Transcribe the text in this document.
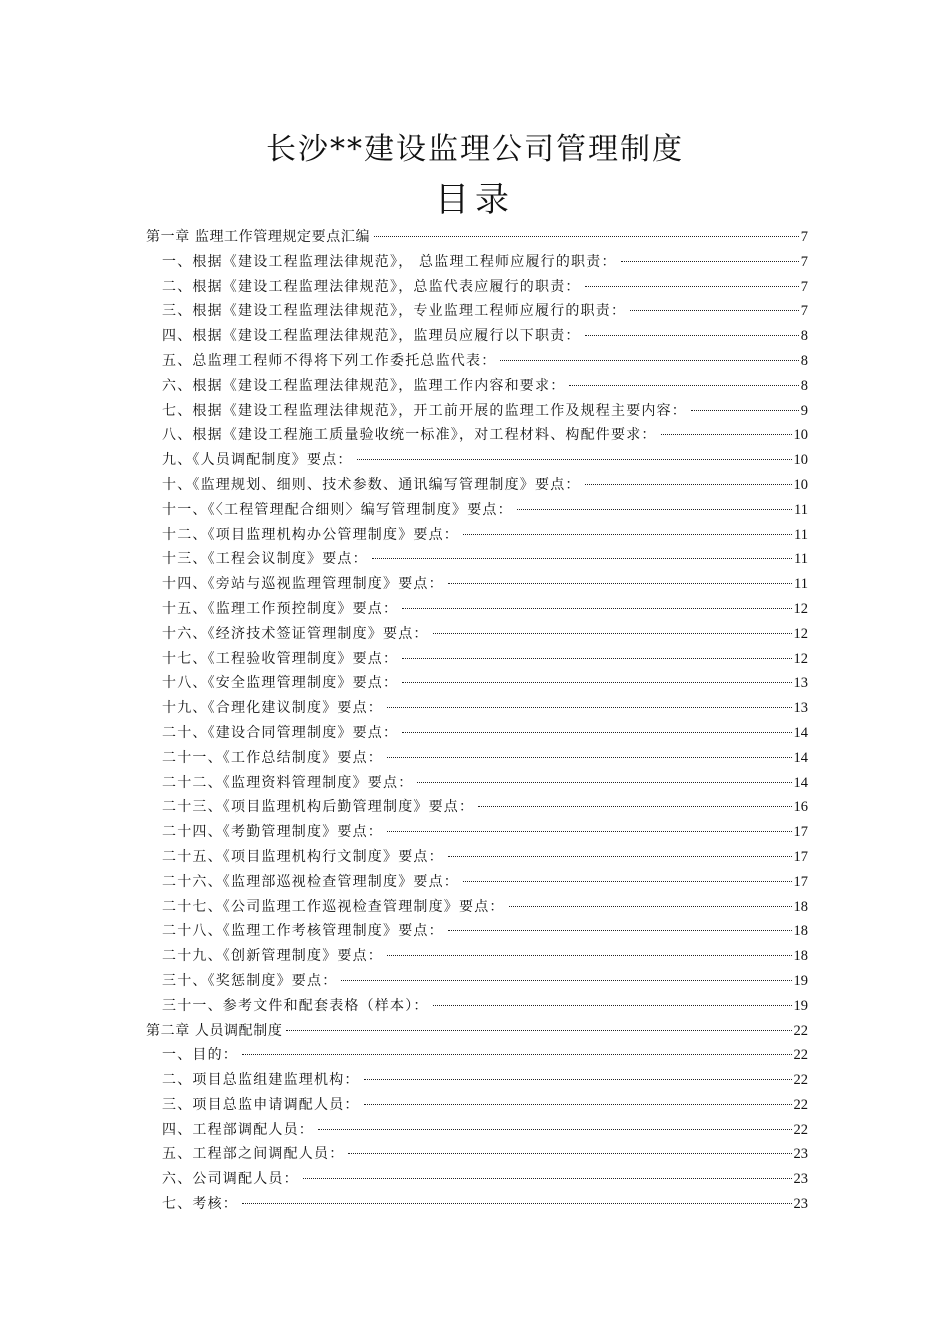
长沙**建设监理公司管理制度
目录
第一章 监理工作管理规定要点汇编	7
一、根据《建设工程监理法律规范》， 总监理工程师应履行的职责：	7
二、根据《建设工程监理法律规范》，总监代表应履行的职责：	7
三、根据《建设工程监理法律规范》，专业监理工程师应履行的职责：	7
四、根据《建设工程监理法律规范》，监理员应履行以下职责：	8
五、总监理工程师不得将下列工作委托总监代表：	8
六、根据《建设工程监理法律规范》，监理工作内容和要求：	8
七、根据《建设工程监理法律规范》，开工前开展的监理工作及规程主要内容：	9
八、根据《建设工程施工质量验收统一标准》，对工程材料、构配件要求：	10
九、《人员调配制度》要点：	10
十、《监理规划、细则、技术参数、通讯编写管理制度》要点：	10
十一、《〈工程管理配合细则〉编写管理制度》要点：	11
十二、《项目监理机构办公管理制度》要点：	11
十三、《工程会议制度》要点：	11
十四、《旁站与巡视监理管理制度》要点：	11
十五、《监理工作预控制度》要点：	12
十六、《经济技术签证管理制度》要点：	12
十七、《工程验收管理制度》要点：	12
十八、《安全监理管理制度》要点：	13
十九、《合理化建议制度》要点：	13
二十、《建设合同管理制度》要点：	14
二十一、《工作总结制度》要点：	14
二十二、《监理资料管理制度》要点：	14
二十三、《项目监理机构后勤管理制度》要点：	16
二十四、《考勤管理制度》要点：	17
二十五、《项目监理机构行文制度》要点：	17
二十六、《监理部巡视检查管理制度》要点：	17
二十七、《公司监理工作巡视检查管理制度》要点：	18
二十八、《监理工作考核管理制度》要点：	18
二十九、《创新管理制度》要点：	18
三十、《奖惩制度》要点：	19
三十一、参考文件和配套表格（样本）：	19
第二章 人员调配制度	22
一、目的：	22
二、项目总监组建监理机构：	22
三、项目总监申请调配人员：	22
四、工程部调配人员：	22
五、工程部之间调配人员：	23
六、公司调配人员：	23
七、考核：	23
